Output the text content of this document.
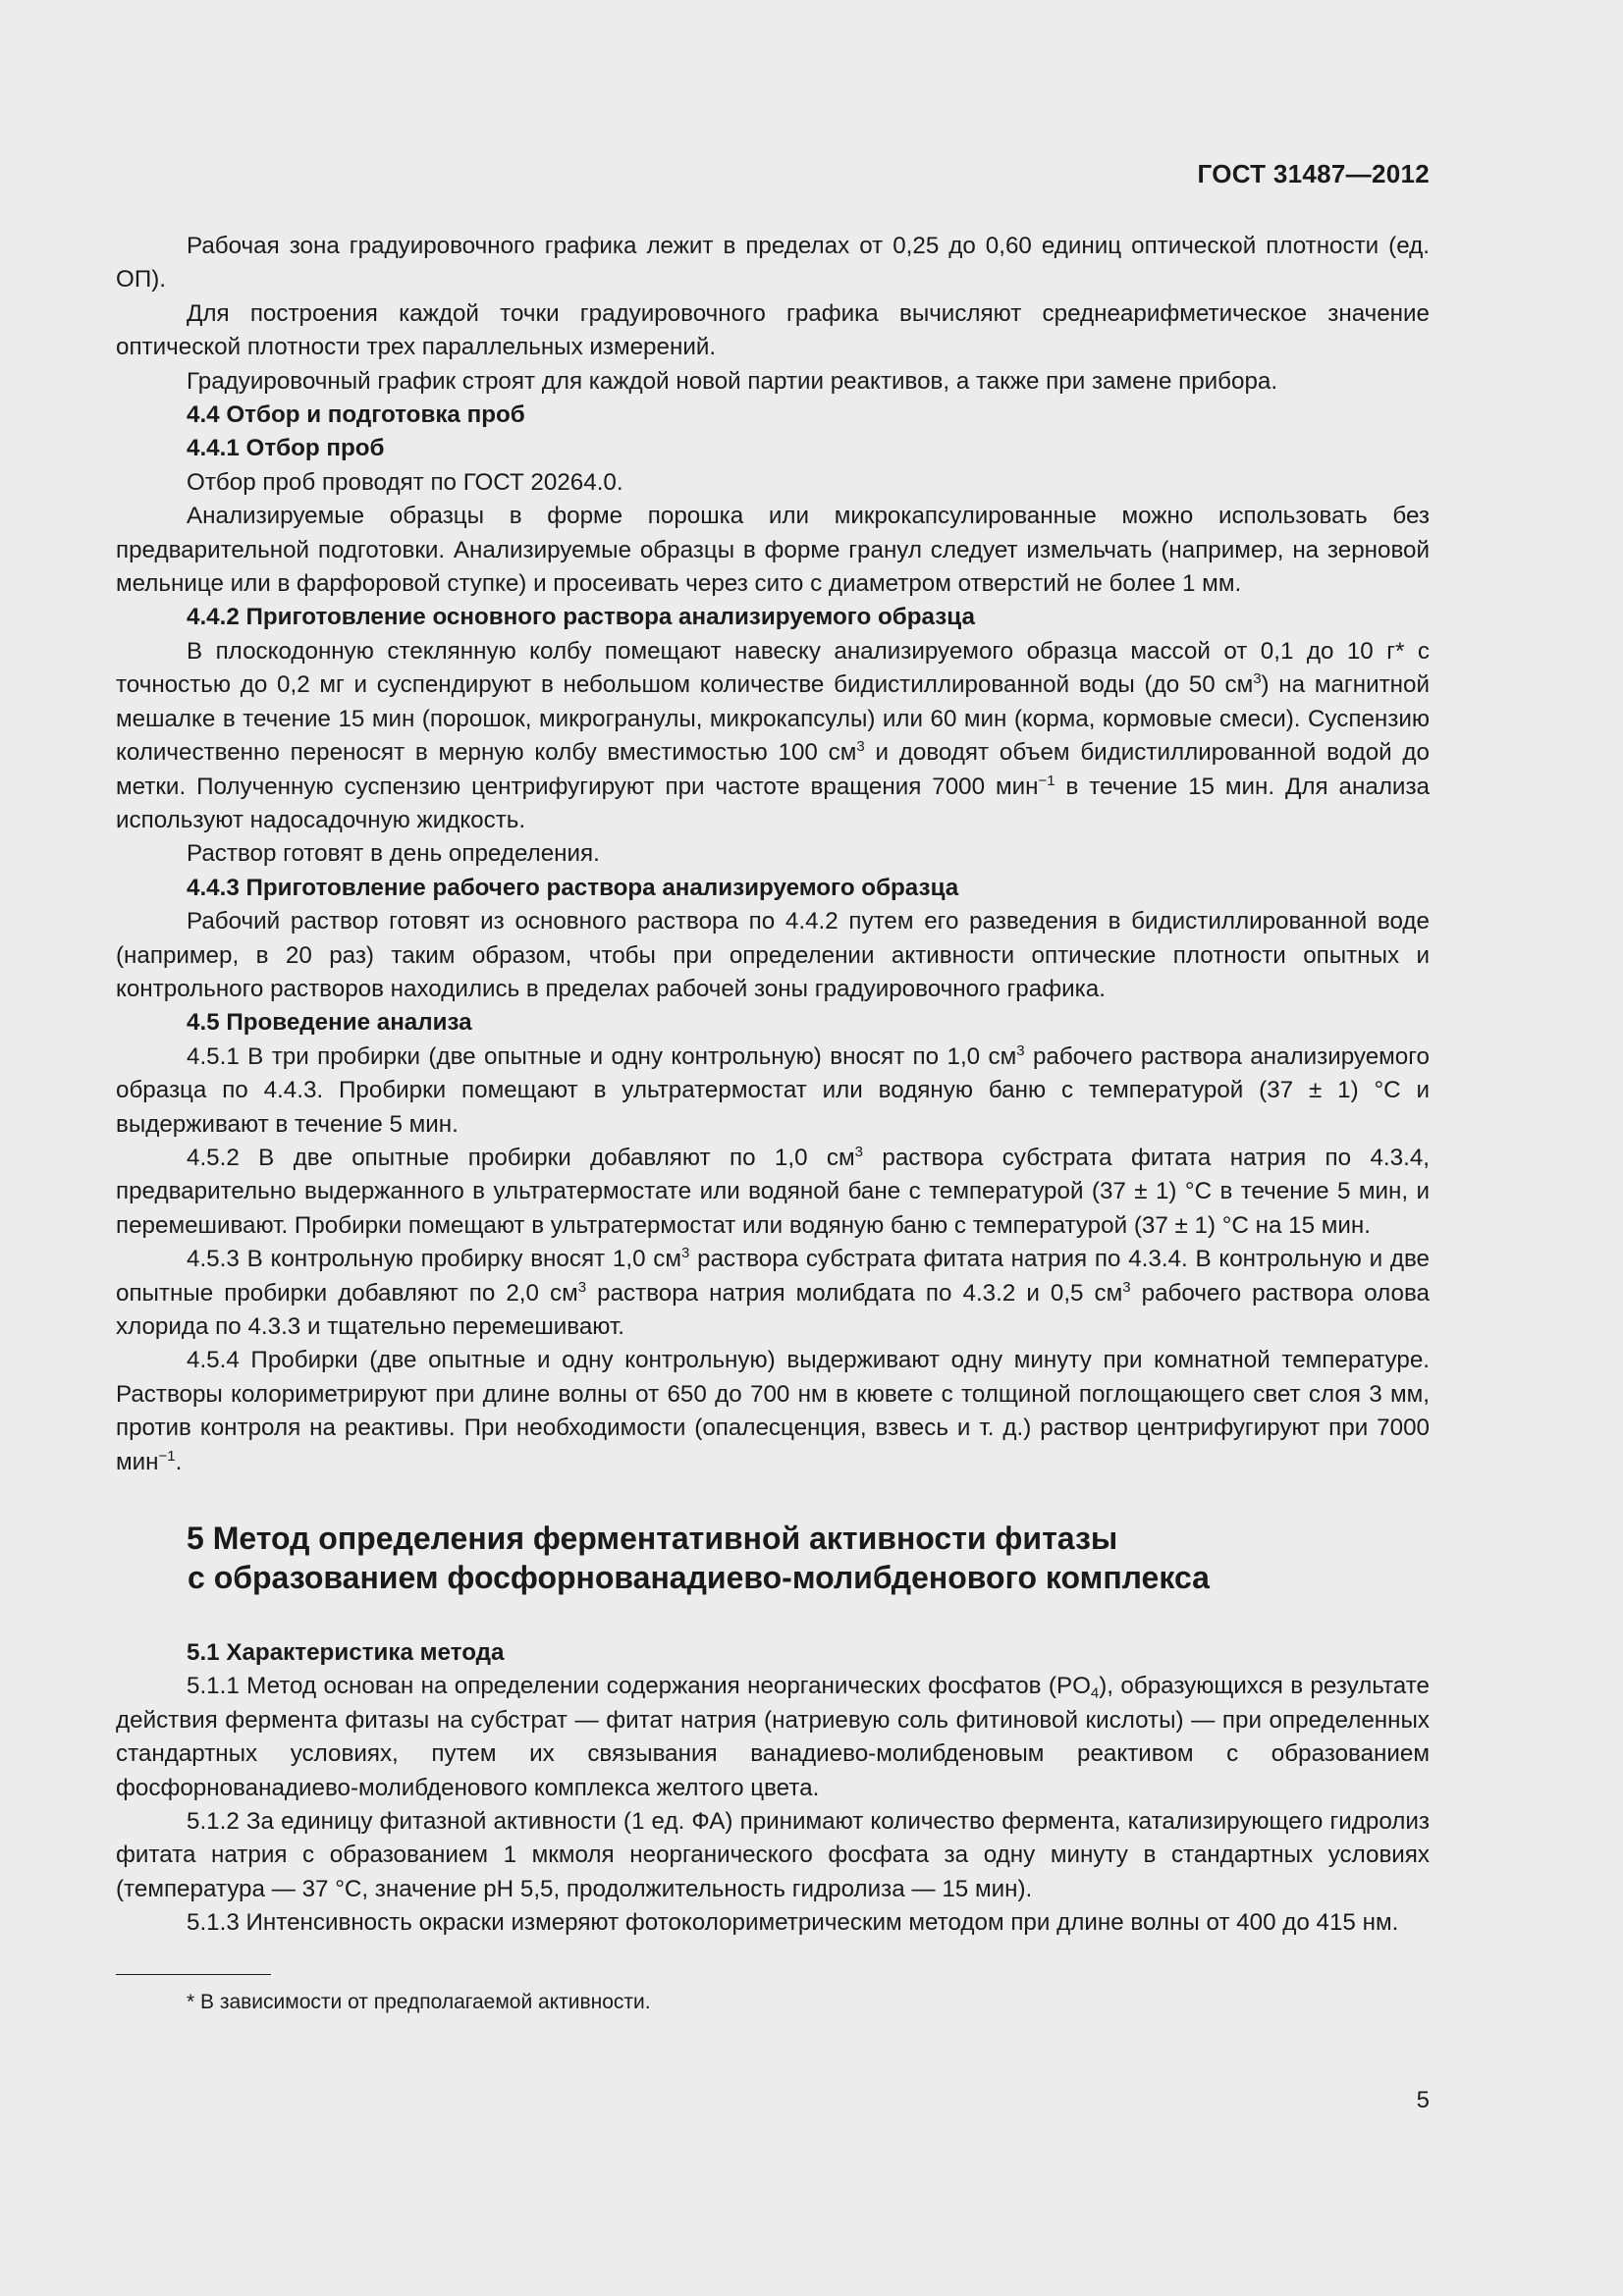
ГОСТ 31487—2012

Рабочая зона градуировочного графика лежит в пределах от 0,25 до 0,60 единиц оптической плотности (ед. ОП).

Для построения каждой точки градуировочного графика вычисляют среднеарифметическое значение оптической плотности трех параллельных измерений.

Градуировочный график строят для каждой новой партии реактивов, а также при замене прибора.

4.4 Отбор и подготовка проб

4.4.1 Отбор проб

Отбор проб проводят по ГОСТ 20264.0.

Анализируемые образцы в форме порошка или микрокапсулированные можно использовать без предварительной подготовки. Анализируемые образцы в форме гранул следует измельчать (например, на зерновой мельнице или в фарфоровой ступке) и просеивать через сито с диаметром отверстий не более 1 мм.

4.4.2 Приготовление основного раствора анализируемого образца

В плоскодонную стеклянную колбу помещают навеску анализируемого образца массой от 0,1 до 10 г* с точностью до 0,2 мг и суспендируют в небольшом количестве бидистиллированной воды (до 50 $см^3$) на магнитной мешалке в течение 15 мин (порошок, микрогранулы, микрокапсулы) или 60 мин (корма, кормовые смеси). Суспензию количественно переносят в мерную колбу вместимостью 100 $см^3$ и доводят объем бидистиллированной водой до метки. Полученную суспензию центрифугируют при частоте вращения 7000 мин$^{-1}$ в течение 15 мин. Для анализа используют надосадочную жидкость.

Раствор готовят в день определения.

4.4.3 Приготовление рабочего раствора анализируемого образца

Рабочий раствор готовят из основного раствора по 4.4.2 путем его разведения в бидистиллированной воде (например, в 20 раз) таким образом, чтобы при определении активности оптические плотности опытных и контрольного растворов находились в пределах рабочей зоны градуировочного графика.

4.5 Проведение анализа

4.5.1 В три пробирки (две опытные и одну контрольную) вносят по 1,0 $см^3$ рабочего раствора анализируемого образца по 4.4.3. Пробирки помещают в ультратермостат или водяную баню с температурой (37 ± 1) °С и выдерживают в течение 5 мин.

4.5.2 В две опытные пробирки добавляют по 1,0 $см^3$ раствора субстрата фитата натрия по 4.3.4, предварительно выдержанного в ультратермостате или водяной бане с температурой (37 ± 1) °С в течение 5 мин, и перемешивают. Пробирки помещают в ультратермостат или водяную баню с температурой (37 ± 1) °С на 15 мин.

4.5.3 В контрольную пробирку вносят 1,0 $см^3$ раствора субстрата фитата натрия по 4.3.4. В контрольную и две опытные пробирки добавляют по 2,0 $см^3$ раствора натрия молибдата по 4.3.2 и 0,5 $см^3$ рабочего раствора олова хлорида по 4.3.3 и тщательно перемешивают.

4.5.4 Пробирки (две опытные и одну контрольную) выдерживают одну минуту при комнатной температуре. Растворы колориметрируют при длине волны от 650 до 700 нм в кювете с толщиной поглощающего свет слоя 3 мм, против контроля на реактивы. При необходимости (опалесценция, взвесь и т. д.) раствор центрифугируют при 7000 мин$^{-1}$.

5 Метод определения ферментативной активности фитазы
с образованием фосфорнованадиево-молибденового комплекса

5.1 Характеристика метода

5.1.1 Метод основан на определении содержания неорганических фосфатов $(PO_4)$, образующихся в результате действия фермента фитазы на субстрат — фитат натрия (натриевую соль фитиновой кислоты) — при определенных стандартных условиях, путем их связывания ванадиево-молибденовым реактивом с образованием фосфорнованадиево-молибденового комплекса желтого цвета.

5.1.2 За единицу фитазной активности (1 ед. ФА) принимают количество фермента, катализирующего гидролиз фитата натрия с образованием 1 мкмоля неорганического фосфата за одну минуту в стандартных условиях (температура — 37 °С, значение рН 5,5, продолжительность гидролиза — 15 мин).

5.1.3 Интенсивность окраски измеряют фотоколориметрическим методом при длине волны от 400 до 415 нм.

* В зависимости от предполагаемой активности.
5
